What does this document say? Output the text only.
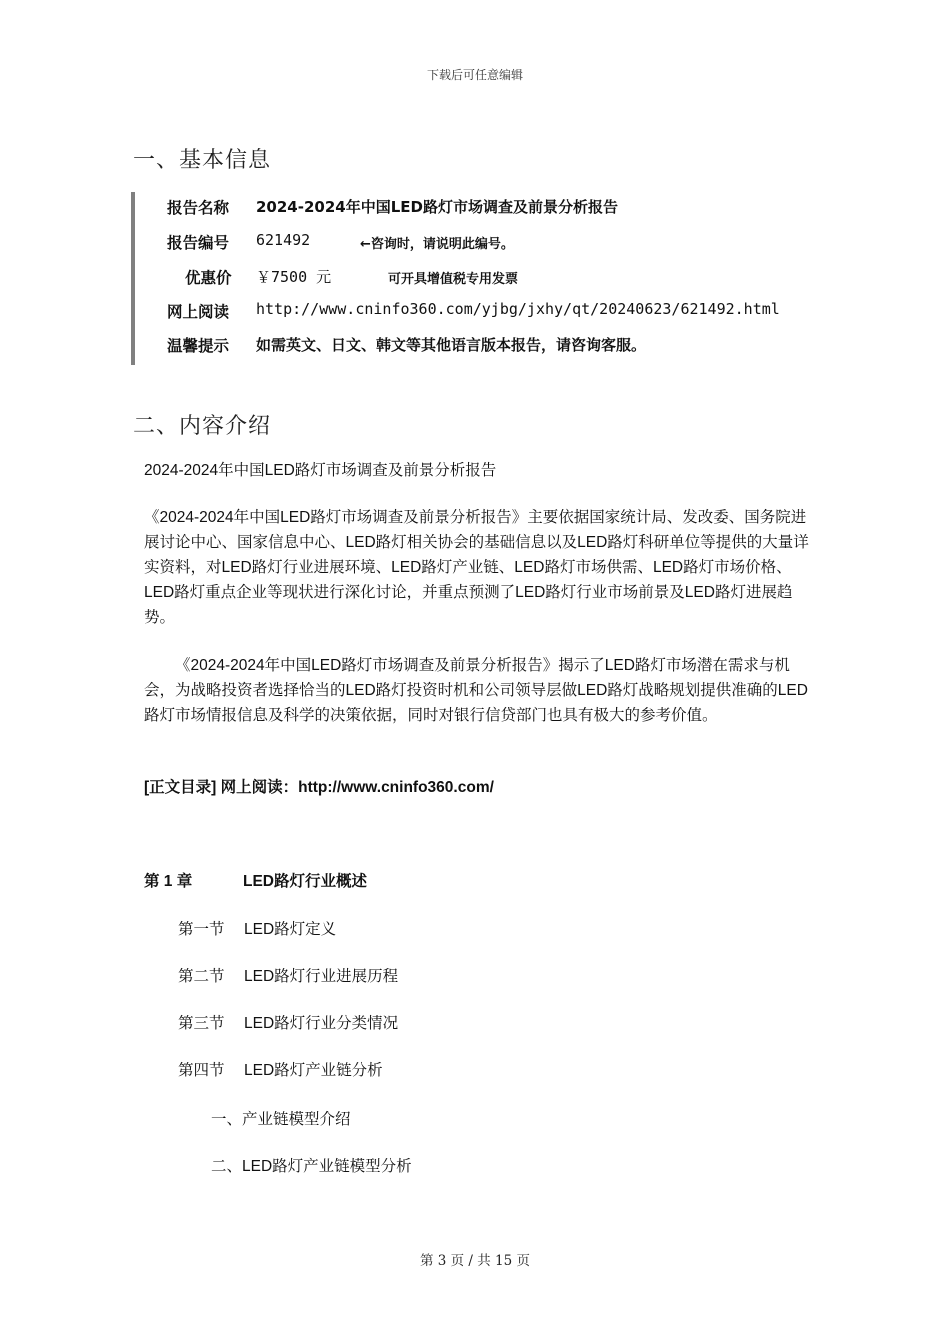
下载后可任意编辑
一、基本信息
报告名称 2024-2024年中国LED路灯市场调查及前景分析报告
报告编号 621492	←咨询时，请说明此编号。
优惠价 ￥7500 元	可开具增值税专用发票
网上阅读 http://www.cninfo360.com/yjbg/jxhy/qt/20240623/621492.html
温馨提示 如需英文、日文、韩文等其他语言版本报告，请咨询客服。
二、内容介绍
2024-2024年中国LED路灯市场调查及前景分析报告
《2024-2024年中国LED路灯市场调查及前景分析报告》主要依据国家统计局、发改委、国务院进展讨论中心、国家信息中心、LED路灯相关协会的基础信息以及LED路灯科研单位等提供的大量详实资料，对LED路灯行业进展环境、LED路灯产业链、LED路灯市场供需、LED路灯市场价格、LED路灯重点企业等现状进行深化讨论，并重点预测了LED路灯行业市场前景及LED路灯进展趋势。
《2024-2024年中国LED路灯市场调查及前景分析报告》揭示了LED路灯市场潜在需求与机会，为战略投资者选择恰当的LED路灯投资时机和公司领导层做LED路灯战略规划提供准确的LED路灯市场情报信息及科学的决策依据，同时对银行信贷部门也具有极大的参考价值。
[正文目录] 网上阅读：http://www.cninfo360.com/
第 1 章	LED路灯行业概述
第一节 LED路灯定义
第二节 LED路灯行业进展历程
第三节 LED路灯行业分类情况
第四节 LED路灯产业链分析
一、产业链模型介绍
二、LED路灯产业链模型分析
第 3 页 / 共 15 页
